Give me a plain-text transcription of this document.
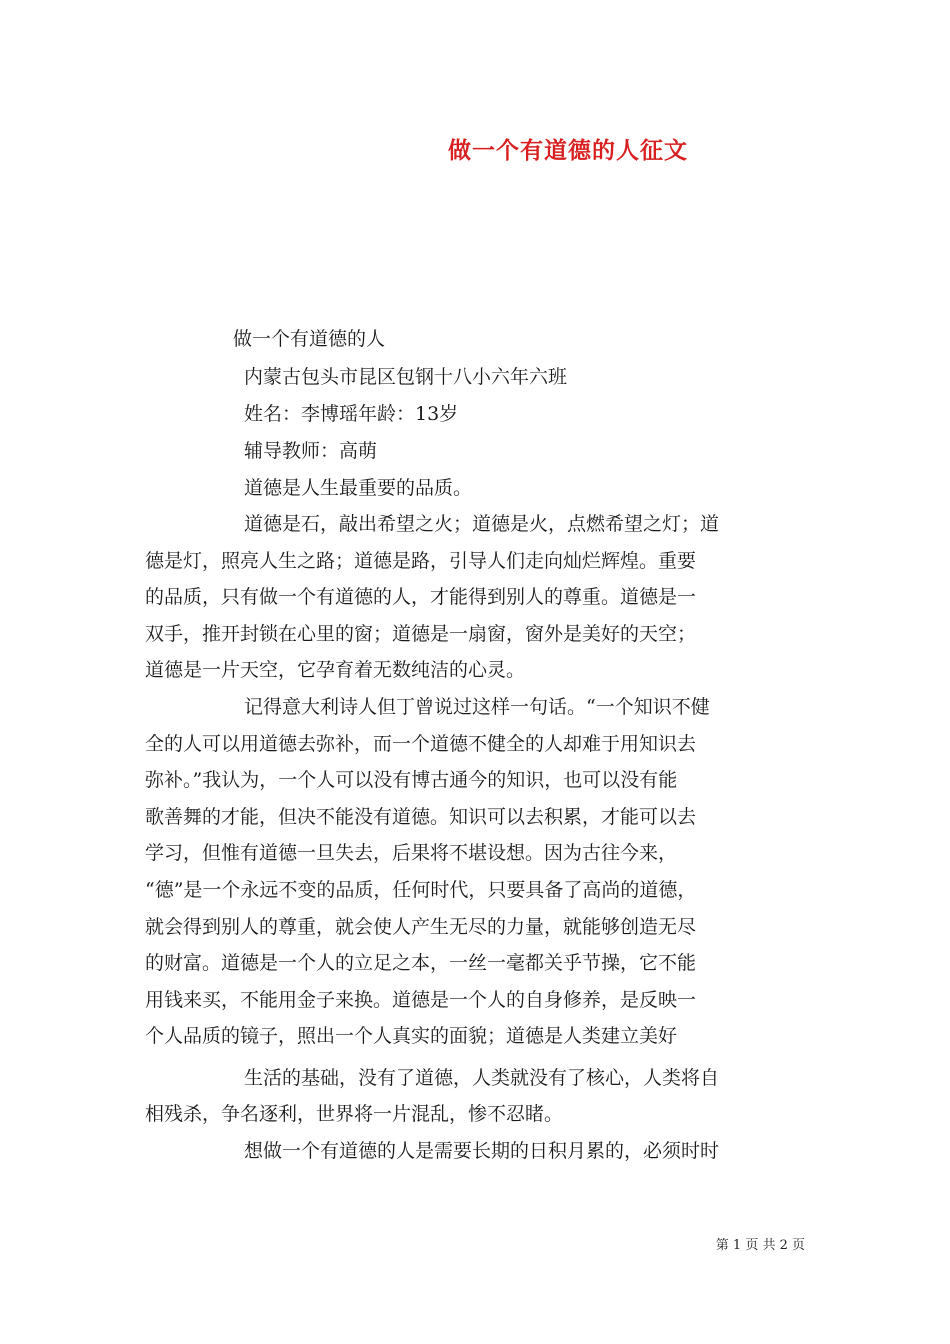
做一个有道德的人征文
做一个有道德的人
内蒙古包头市昆区包钢十八小六年六班
姓名：李博瑶年龄：13岁
辅导教师：高萌
道德是人生最重要的品质。
道德是石，敲出希望之火；道德是火，点燃希望之灯；道
德是灯，照亮人生之路；道德是路，引导人们走向灿烂辉煌。重要
的品质，只有做一个有道德的人，才能得到别人的尊重。道德是一
双手，推开封锁在心里的窗；道德是一扇窗，窗外是美好的天空；
道德是一片天空，它孕育着无数纯洁的心灵。
记得意大利诗人但丁曾说过这样一句话。“一个知识不健
全的人可以用道德去弥补，而一个道德不健全的人却难于用知识去
弥补。”我认为，一个人可以没有博古通今的知识，也可以没有能
歌善舞的才能，但决不能没有道德。知识可以去积累，才能可以去
学习，但惟有道德一旦失去，后果将不堪设想。因为古往今来，
“德”是一个永远不变的品质，任何时代，只要具备了高尚的道德，
就会得到别人的尊重，就会使人产生无尽的力量，就能够创造无尽
的财富。道德是一个人的立足之本，一丝一毫都关乎节操，它不能
用钱来买，不能用金子来换。道德是一个人的自身修养，是反映一
个人品质的镜子，照出一个人真实的面貌；道德是人类建立美好
生活的基础，没有了道德，人类就没有了核心，人类将自
相残杀，争名逐利，世界将一片混乱，惨不忍睹。
想做一个有道德的人是需要长期的日积月累的，必须时时
第 1 页 共 2 页
